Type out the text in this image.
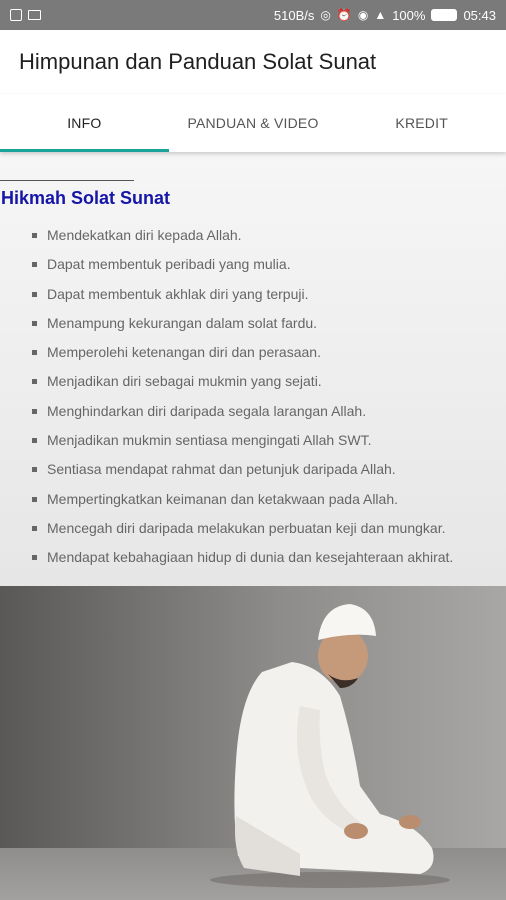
510B/s ◎ ⏰ ◉ ▲ 100%	05:43
Himpunan dan Panduan Solat Sunat
INFO	PANDUAN & VIDEO	KREDIT
Hikmah Solat Sunat
Mendekatkan diri kepada Allah.
Dapat membentuk peribadi yang mulia.
Dapat membentuk akhlak diri yang terpuji.
Menampung kekurangan dalam solat fardu.
Memperolehi ketenangan diri dan perasaan.
Menjadikan diri sebagai mukmin yang sejati.
Menghindarkan diri daripada segala larangan Allah.
Menjadikan mukmin sentiasa mengingati Allah SWT.
Sentiasa mendapat rahmat dan petunjuk daripada Allah.
Mempertingkatkan keimanan dan ketakwaan pada Allah.
Mencegah diri daripada melakukan perbuatan keji dan mungkar.
Mendapat kebahagiaan hidup di dunia dan kesejahteraan akhirat.
